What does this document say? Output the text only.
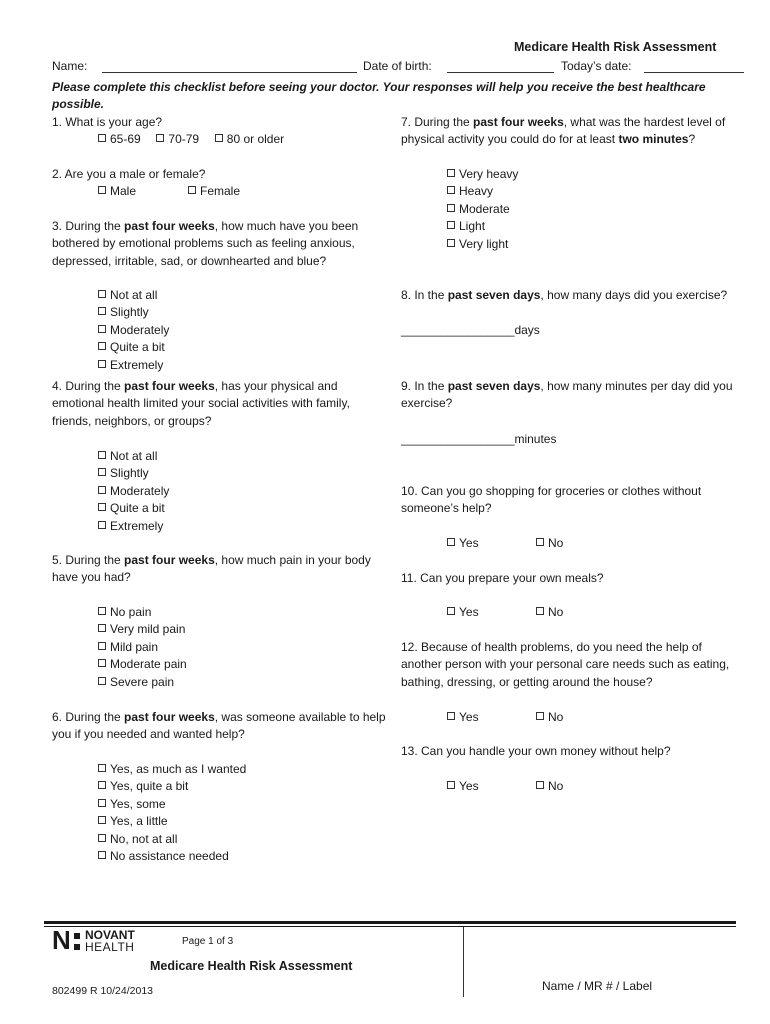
Medicare Health Risk Assessment
Name:	Date of birth:	Today’s date:
Please complete this checklist before seeing your doctor. Your responses will help you receive the best healthcare possible.
1. What is your age?
65-69 70-79 80 or older
2. Are you a male or female?
Male	Female
3. During the past four weeks, how much have you been bothered by emotional problems such as feeling anxious, depressed, irritable, sad, or downhearted and blue?
Not at all
Slightly
Moderately
Quite a bit
Extremely
4. During the past four weeks, has your physical and emotional health limited your social activities with family, friends, neighbors, or groups?
Not at all
Slightly
Moderately
Quite a bit
Extremely
5. During the past four weeks, how much pain in your body have you had?
No pain
Very mild pain
Mild pain
Moderate pain
Severe pain
6. During the past four weeks, was someone available to help you if you needed and wanted help?
Yes, as much as I wanted
Yes, quite a bit
Yes, some
Yes, a little
No, not at all
No assistance needed
7. During the past four weeks, what was the hardest level of physical activity you could do for at least two minutes?
Very heavy
Heavy
Moderate
Light
Very light
8. In the past seven days, how many days did you exercise?
_________________days
9. In the past seven days, how many minutes per day did you exercise?
_________________minutes
10. Can you go shopping for groceries or clothes without someone’s help?
Yes	No
11. Can you prepare your own meals?
Yes	No
12. Because of health problems, do you need the help of another person with your personal care needs such as eating, bathing, dressing, or getting around the house?
Yes	No
13. Can you handle your own money without help?
Yes	No
N NOVANT
HEALTH	Page 1 of 3
Medicare Health Risk Assessment
802499 R 10/24/2013	Name / MR # / Label
